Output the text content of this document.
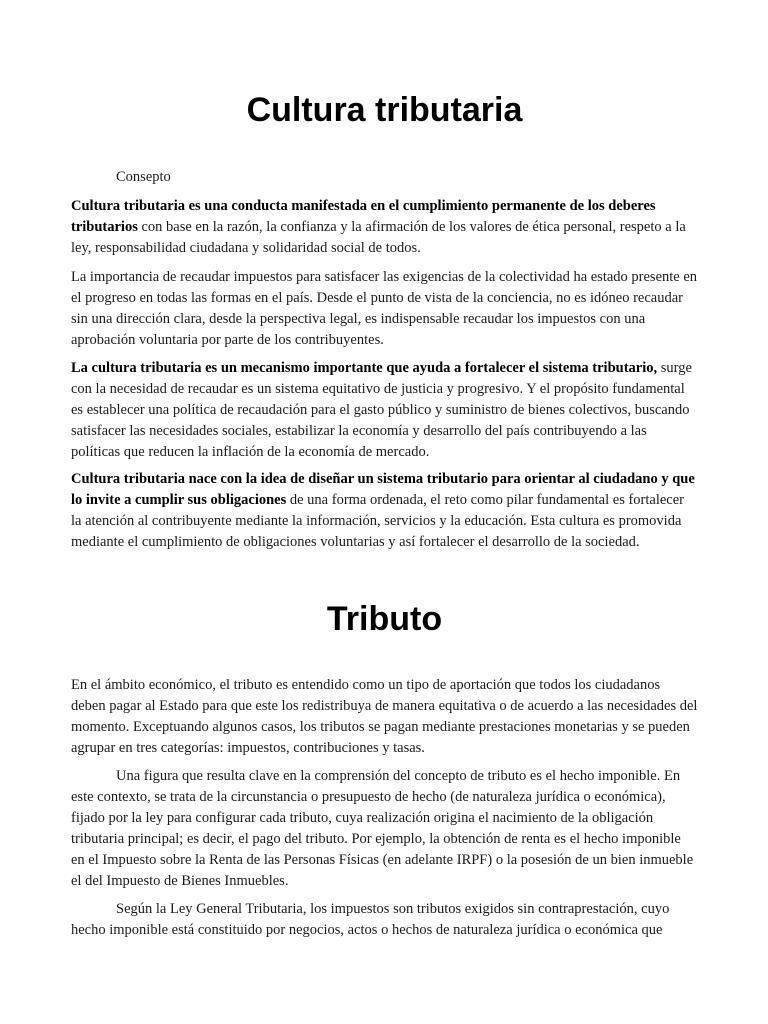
Cultura tributaria

Consepto

Cultura tributaria es una conducta manifestada en el cumplimiento permanente de los deberes tributarios con base en la razón, la confianza y la afirmación de los valores de ética personal, respeto a la ley, responsabilidad ciudadana y solidaridad social de todos.

La importancia de recaudar impuestos para satisfacer las exigencias de la colectividad ha estado presente en el progreso en todas las formas en el país. Desde el punto de vista de la conciencia, no es idóneo recaudar sin una dirección clara, desde la perspectiva legal, es indispensable recaudar los impuestos con una aprobación voluntaria por parte de los contribuyentes.

La cultura tributaria es un mecanismo importante que ayuda a fortalecer el sistema tributario, surge con la necesidad de recaudar es un sistema equitativo de justicia y progresivo. Y el propósito fundamental es establecer una política de recaudación para el gasto público y suministro de bienes colectivos, buscando satisfacer las necesidades sociales, estabilizar la economía y desarrollo del país contribuyendo a las políticas que reducen la inflación de la economía de mercado.

Cultura tributaria nace con la idea de diseñar un sistema tributario para orientar al ciudadano y que lo invite a cumplir sus obligaciones de una forma ordenada, el reto como pilar fundamental es fortalecer la atención al contribuyente mediante la información, servicios y la educación. Esta cultura es promovida mediante el cumplimiento de obligaciones voluntarias y así fortalecer el desarrollo de la sociedad.

Tributo

En el ámbito económico, el tributo es entendido como un tipo de aportación que todos los ciudadanos deben pagar al Estado para que este los redistribuya de manera equitativa o de acuerdo a las necesidades del momento. Exceptuando algunos casos, los tributos se pagan mediante prestaciones monetarias y se pueden agrupar en tres categorías: impuestos, contribuciones y tasas.

Una figura que resulta clave en la comprensión del concepto de tributo es el hecho imponible. En este contexto, se trata de la circunstancia o presupuesto de hecho (de naturaleza jurídica o económica), fijado por la ley para configurar cada tributo, cuya realización origina el nacimiento de la obligación tributaria principal; es decir, el pago del tributo. Por ejemplo, la obtención de renta es el hecho imponible en el Impuesto sobre la Renta de las Personas Físicas (en adelante IRPF) o la posesión de un bien inmueble el del Impuesto de Bienes Inmuebles.

Según la Ley General Tributaria, los impuestos son tributos exigidos sin contraprestación, cuyo hecho imponible está constituido por negocios, actos o hechos de naturaleza jurídica o económica que
